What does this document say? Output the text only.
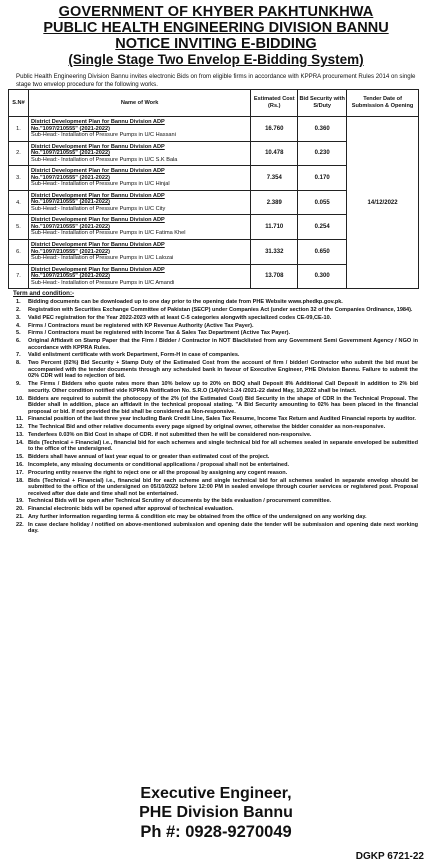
GOVERNMENT OF KHYBER PAKHTUNKHWA
PUBLIC HEALTH ENGINEERING DIVISION BANNU
NOTICE INVITING E-BIDDING
(Single Stage Two Envelop E-Bidding System)

Public Health Engineering Division Bannu invites electronic Bids on from eligible firms in accordance with KPPRA procurement Rules 2014 on single stage two envelop procedure for the following works.

S.N#	Name of Work	Estimated Cost (Rs.)	Bid Security with S/Duty	Tender Date of Submission & Opening
1.	District Development Plan for Bannu Division ADP
No."1097/210555" (2021-2022)
Sub-Head:- Installation of Pressure Pumps in U/C Hassani	16.760	0.360	14/12/2022
2.	District Development Plan for Bannu Division ADP
No."1097/210555" (2021-2022)
Sub-Head:- Installation of Pressure Pumps in U/C S.K Bala	10.478	0.230	
3.	District Development Plan for Bannu Division ADP
No."1097/210555" (2021-2022)
Sub-Head:- Installation of Pressure Pumps in U/C Hinjal	7.354	0.170	
4.	District Development Plan for Bannu Division ADP
No."1097/210555" (2021-2022)
Sub-Head:- Installation of Pressure Pumps in U/C City	2.389	0.055	
5.	District Development Plan for Bannu Division ADP
No."1097/210555" (2021-2022)
Sub-Head:- Installation of Pressure Pumps in U/C Fatima Khel	11.710	0.254	
6.	District Development Plan for Bannu Division ADP
No."1097/210555" (2021-2022)
Sub-Head:- Installation of Pressure Pumps in U/C Lalozai	31.332	0.650	
7.	District Development Plan for Bannu Division ADP
No."1097/210555" (2021-2022)
Sub-Head:- Installation of Pressure Pumps in U/C Amandi	13.708	0.300	
Term and condition:-
1.	Bidding documents can be downloaded up to one day prior to the opening date from PHE Website www.phedkp.gov.pk.
2.	Registration with Securities Exchange Committee of Pakistan (SECP) under Companies Act (under section 32 of the Companies Ordinance, 1984).
3.	Valid PEC registration for the Year 2022-2023 with at least C-5 categories alongwith specialized codes CE-09,CE-10.
4.	Firms / Contractors must be registered with KP Revenue Authority (Active Tax Payer).
5.	Firms / Contractors must be registered with Income Tax & Sales Tax Department (Active Tax Payer).
6.	Original Affidavit on Stamp Paper that the Firm / Bidder / Contractor in NOT Blacklisted from any Government Semi Government Agency / NGO in accordance with KPPRA Rules.
7.	Valid enlistment certificate with work Department, Form-H in case of companies.
8.	Two Percent (02%) Bid Security + Stamp Duty of the Estimated Cost from the account of firm / bidder/ Contractor who submit the bid must be accompanied with the tender documents through any scheduled bank in favour of Executive Engineer, PHE Division Bannu. Failure to submit the 02% CDR will lead to rejection of bid.
9.	The Firms / Bidders who quote rates more than 10% below up to 20% on BOQ shall Deposit 8% Additional Call Deposit in addition to 2% bid security. Other condition notified vide KPPRA Notification No. S.R.O (14)/Vol:1-24 /2021-22 dated May, 10,2022 shall be intact.
10. Bidders are required to submit the photocopy of the 2% (of the Estimated Cost) Bid Security in the shape of CDR in the Technical Proposal. The Bidder shall in addition, place an affidavit in the technical proposal stating. "A Bid Security amounting to 02% has been placed in the financial proposal or bid. If not provided the bid shall be considered as Non-responsive.
11. Financial position of the last three year including Bank Credit Line, Sales Tax Resume, Income Tax Return and Audited Financial reports by auditor.
12. The Technical Bid and other relative documents every page signed by original owner, otherwise the bidder consider as non-responsive.
13. Tenderfees 0.03% on Bid Cost in shape of CDR. if not submitted then he will be considered non-responsive.
14. Bids (Technical + Financial) i.e., financial bid for each schemes and single technical bid for all schemes sealed in separate enveloped be submitted to the office of the undersigned.
15. Bidders shall have annual of last year equal to or greater than estimated cost of the project.
16. Incomplete, any missing documents or conditional applications / proposal shall not be entertained.
17. Procuring entity reserve the right to reject one or all the proposal by assigning any cogent reason.
18. Bids (Technical + Financial) i.e., financial bid for each scheme and single technical bid for all schemes sealed in separate envelop should be submitted to the office of the undersigned on 05/10/2022 before 12:00 PM in sealed envelope through courier services or registered post. Proposal received after due date and time shall not be entertained.
19. Technical Bids will be open after Technical Scrutiny of documents by the bids evaluation / procurement committee.
20. Financial electronic bids will be opened after approval of technical evaluation.
21. Any further information regarding terms & condition etc may be obtained from the office of the undersigned on any working day.
22. In case declare holiday / notified on above-mentioned submission and opening date the tender will be submission and opening date next working day.
Executive Engineer,
PHE Division Bannu
Ph #: 0928-9270049
DGKP 6721-22
